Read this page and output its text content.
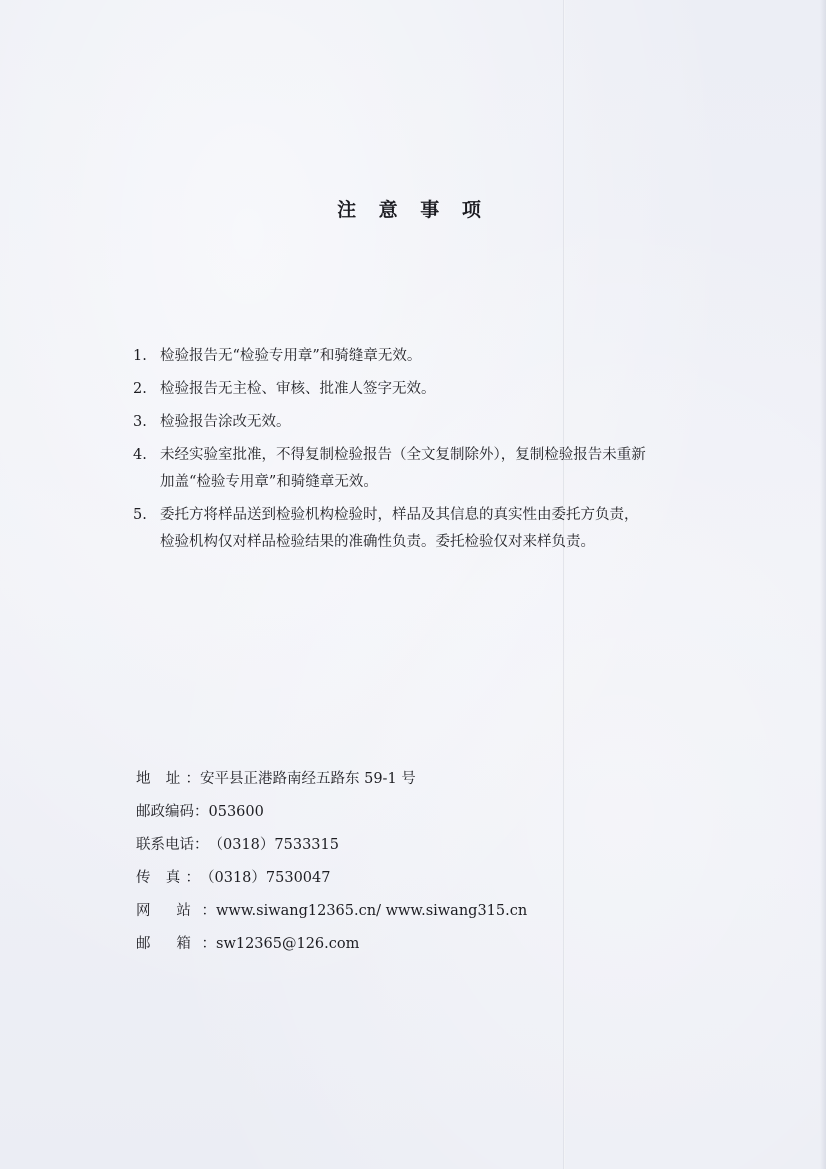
注 意 事 项
1. 检验报告无“检验专用章”和骑缝章无效。
2. 检验报告无主检、审核、批准人签字无效。
3. 检验报告涂改无效。
4. 未经实验室批准，不得复制检验报告（全文复制除外），复制检验报告未重新
加盖“检验专用章”和骑缝章无效。
5. 委托方将样品送到检验机构检验时，样品及其信息的真实性由委托方负责，
检验机构仅对样品检验结果的准确性负责。委托检验仅对来样负责。
地 址：安平县正港路南经五路东 59-1 号
邮政编码：053600
联系电话：（0318）7533315
传 真：（0318）7530047
网 站：www.siwang12365.cn/ www.siwang315.cn
邮 箱：sw12365@126.com
